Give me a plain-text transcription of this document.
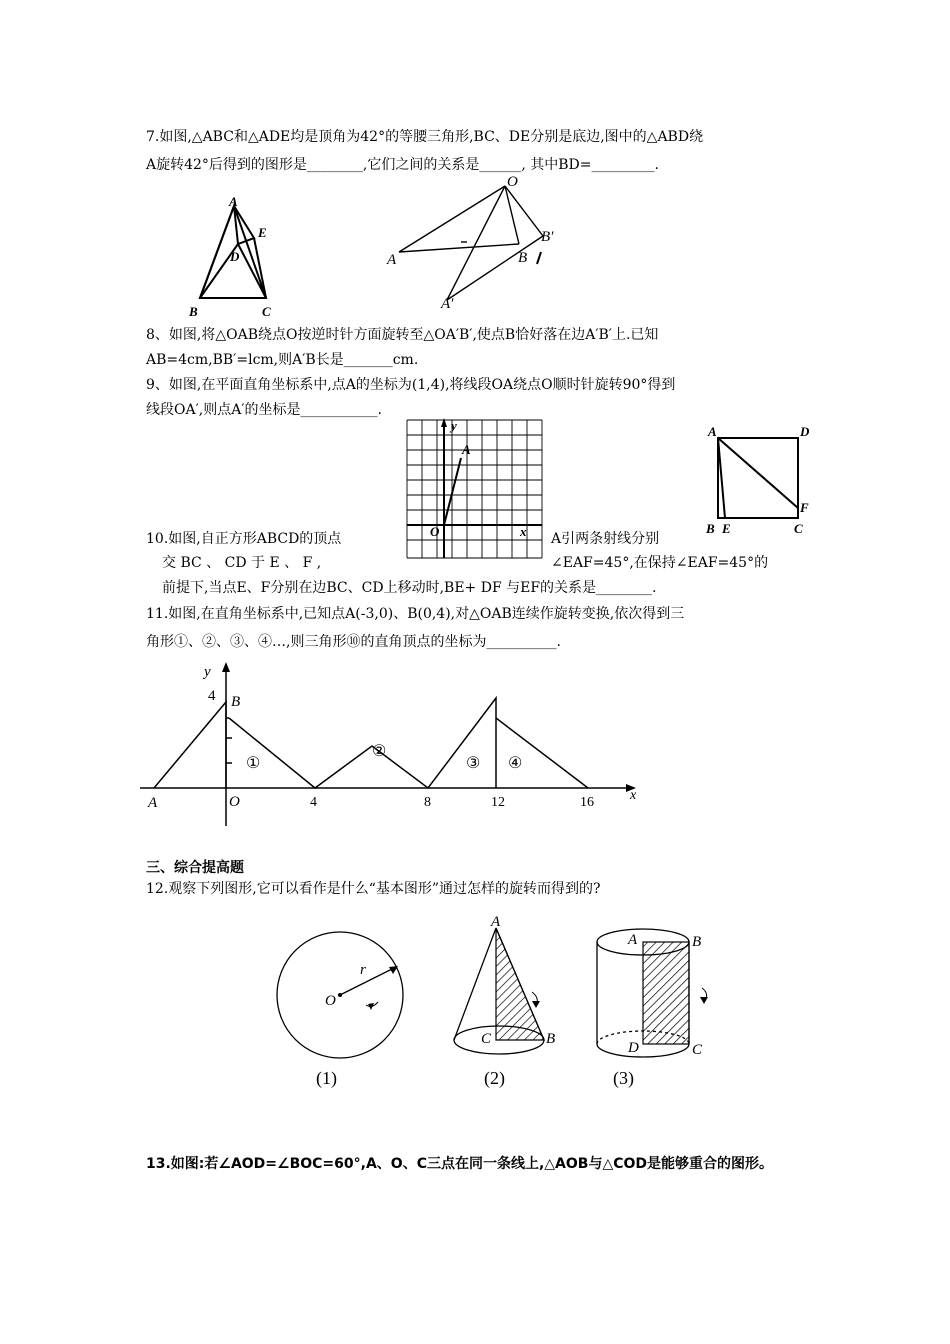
7.如图,△ABC和△ADE均是顶角为42°的等腰三角形,BC、DE分别是底边,图中的△ABD绕
A旋转42°后得到的图形是________,它们之间的关系是______, 其中BD=_________.
A
E
D
B	C
O
A
A′
B
B′
8、如图,将△OAB绕点O按逆时针方面旋转至△OA′B′,使点B恰好落在边A′B′上.已知
AB=4cm,BB′=lcm,则A′B长是_______cm.
9、如图,在平面直角坐标系中,点A的坐标为(1,4),将线段OA绕点O顺时针旋转90°得到
线段OA′,则点A′的坐标是___________.
y
A
O	x
A	D
F
B E	C
10.如图,自正方形ABCD的顶点	A引两条射线分别
交 BC 、 CD 于 E 、 F ,	∠EAF=45°,在保持∠EAF=45°的
前提下,当点E、F分别在边BC、CD上移动时,BE+ DF 与EF的关系是________.
11.如图,在直角坐标系中,已知点A(-3,0)、B(0,4),对△OAB连续作旋转变换,依次得到三
角形①、②、③、④…,则三角形⑩的直角顶点的坐标为__________.
y
4 B
①
②
③ ④
A	O	4	8	12	16	x
三、综合提高题
12.观察下列图形,它可以看作是什么“基本图形”通过怎样的旋转而得到的?
r
O
A
C	B
A	B
D	C
(1)	(2)	(3)
13.如图:若∠AOD=∠BOC=60°,A、O、C三点在同一条线上,△AOB与△COD是能够重合的图形。
